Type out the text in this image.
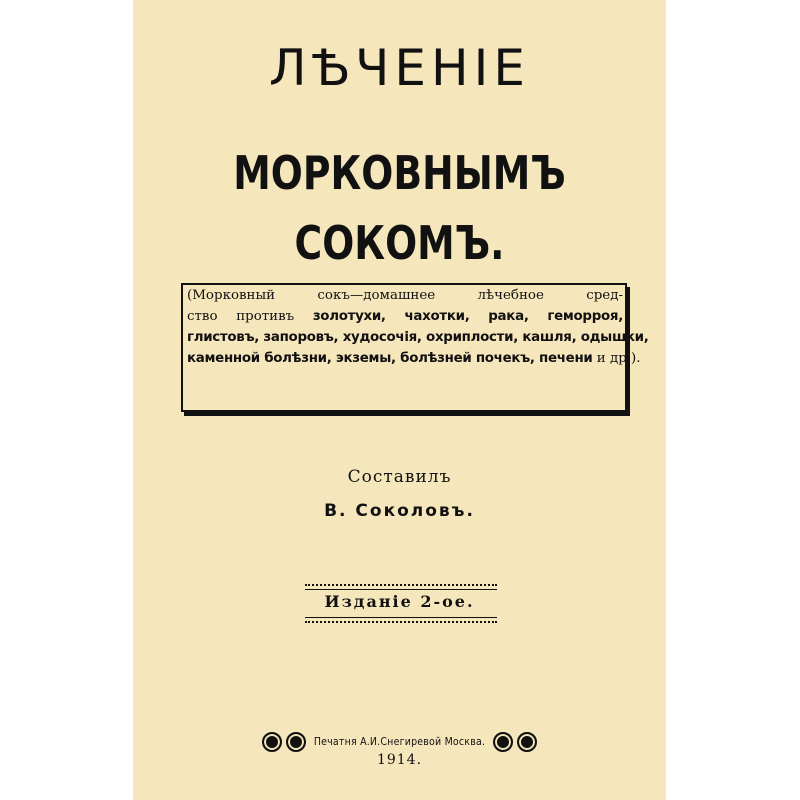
ЛѢЧЕНІЕ
МОРКОВНЫМЪ СОКОМЪ.
(Морковный сокъ—домашнее лѣчебное сред-
ство противъ золотухи, чахотки, рака, геморроя,
глистовъ, запоровъ, худосочія, охриплости, кашля, одышки,
каменной болѣзни, экземы, болѣзней почекъ, печени и др.).
Составилъ
В. Соколовъ.
Изданіе 2-ое.
Печатня А.И.Снегиревой Москва.
1914.
